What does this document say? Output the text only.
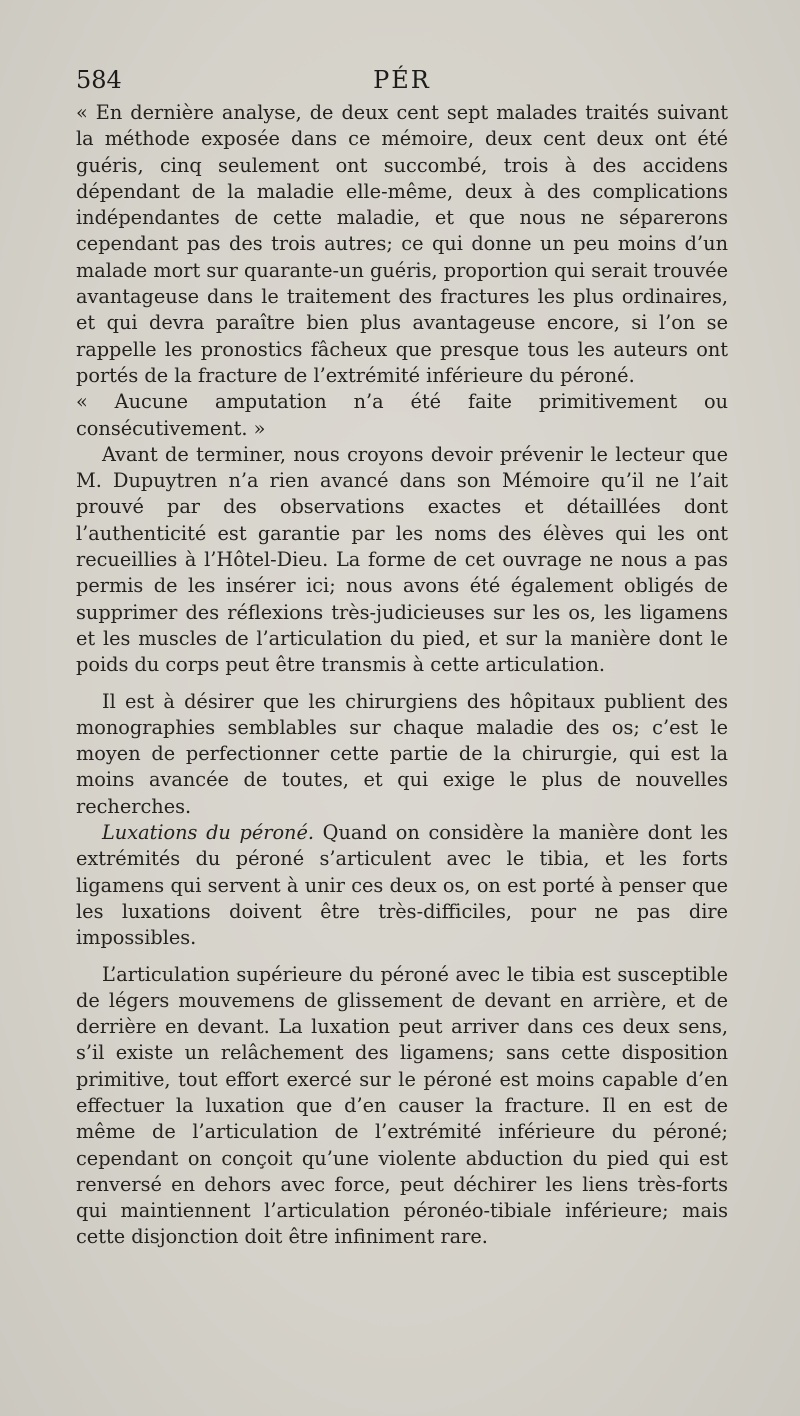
584	PÉR

« En dernière analyse, de deux cent sept malades traités suivant la méthode exposée dans ce mémoire, deux cent deux ont été guéris, cinq seulement ont succombé, trois à des accidens dépendant de la maladie elle-même, deux à des complications indépendantes de cette maladie, et que nous ne séparerons cependant pas des trois autres; ce qui donne un peu moins d’un malade mort sur quarante-un guéris, proportion qui serait trouvée avantageuse dans le traitement des fractures les plus ordinaires, et qui devra paraître bien plus avantageuse encore, si l’on se rappelle les pronostics fâcheux que presque tous les auteurs ont portés de la fracture de l’extrémité inférieure du péroné.

« Aucune amputation n’a été faite primitivement ou consécutivement. »

Avant de terminer, nous croyons devoir prévenir le lecteur que M. Dupuytren n’a rien avancé dans son Mémoire qu’il ne l’ait prouvé par des observations exactes et détaillées dont l’authenticité est garantie par les noms des élèves qui les ont recueillies à l’Hôtel-Dieu. La forme de cet ouvrage ne nous a pas permis de les insérer ici; nous avons été également obligés de supprimer des réflexions très-judicieuses sur les os, les ligamens et les muscles de l’articulation du pied, et sur la manière dont le poids du corps peut être transmis à cette articulation.

Il est à désirer que les chirurgiens des hôpitaux publient des monographies semblables sur chaque maladie des os; c’est le moyen de perfectionner cette partie de la chirurgie, qui est la moins avancée de toutes, et qui exige le plus de nouvelles recherches.

Luxations du péroné. Quand on considère la manière dont les extrémités du péroné s’articulent avec le tibia, et les forts ligamens qui servent à unir ces deux os, on est porté à penser que les luxations doivent être très-difficiles, pour ne pas dire impossibles.

L’articulation supérieure du péroné avec le tibia est susceptible de légers mouvemens de glissement de devant en arrière, et de derrière en devant. La luxation peut arriver dans ces deux sens, s’il existe un relâchement des ligamens; sans cette disposition primitive, tout effort exercé sur le péroné est moins capable d’en effectuer la luxation que d’en causer la fracture. Il en est de même de l’articulation de l’extrémité inférieure du péroné; cependant on conçoit qu’une violente abduction du pied qui est renversé en dehors avec force, peut déchirer les liens très-forts qui maintiennent l’articulation péronéo-tibiale inférieure; mais cette disjonction doit être infiniment rare.
